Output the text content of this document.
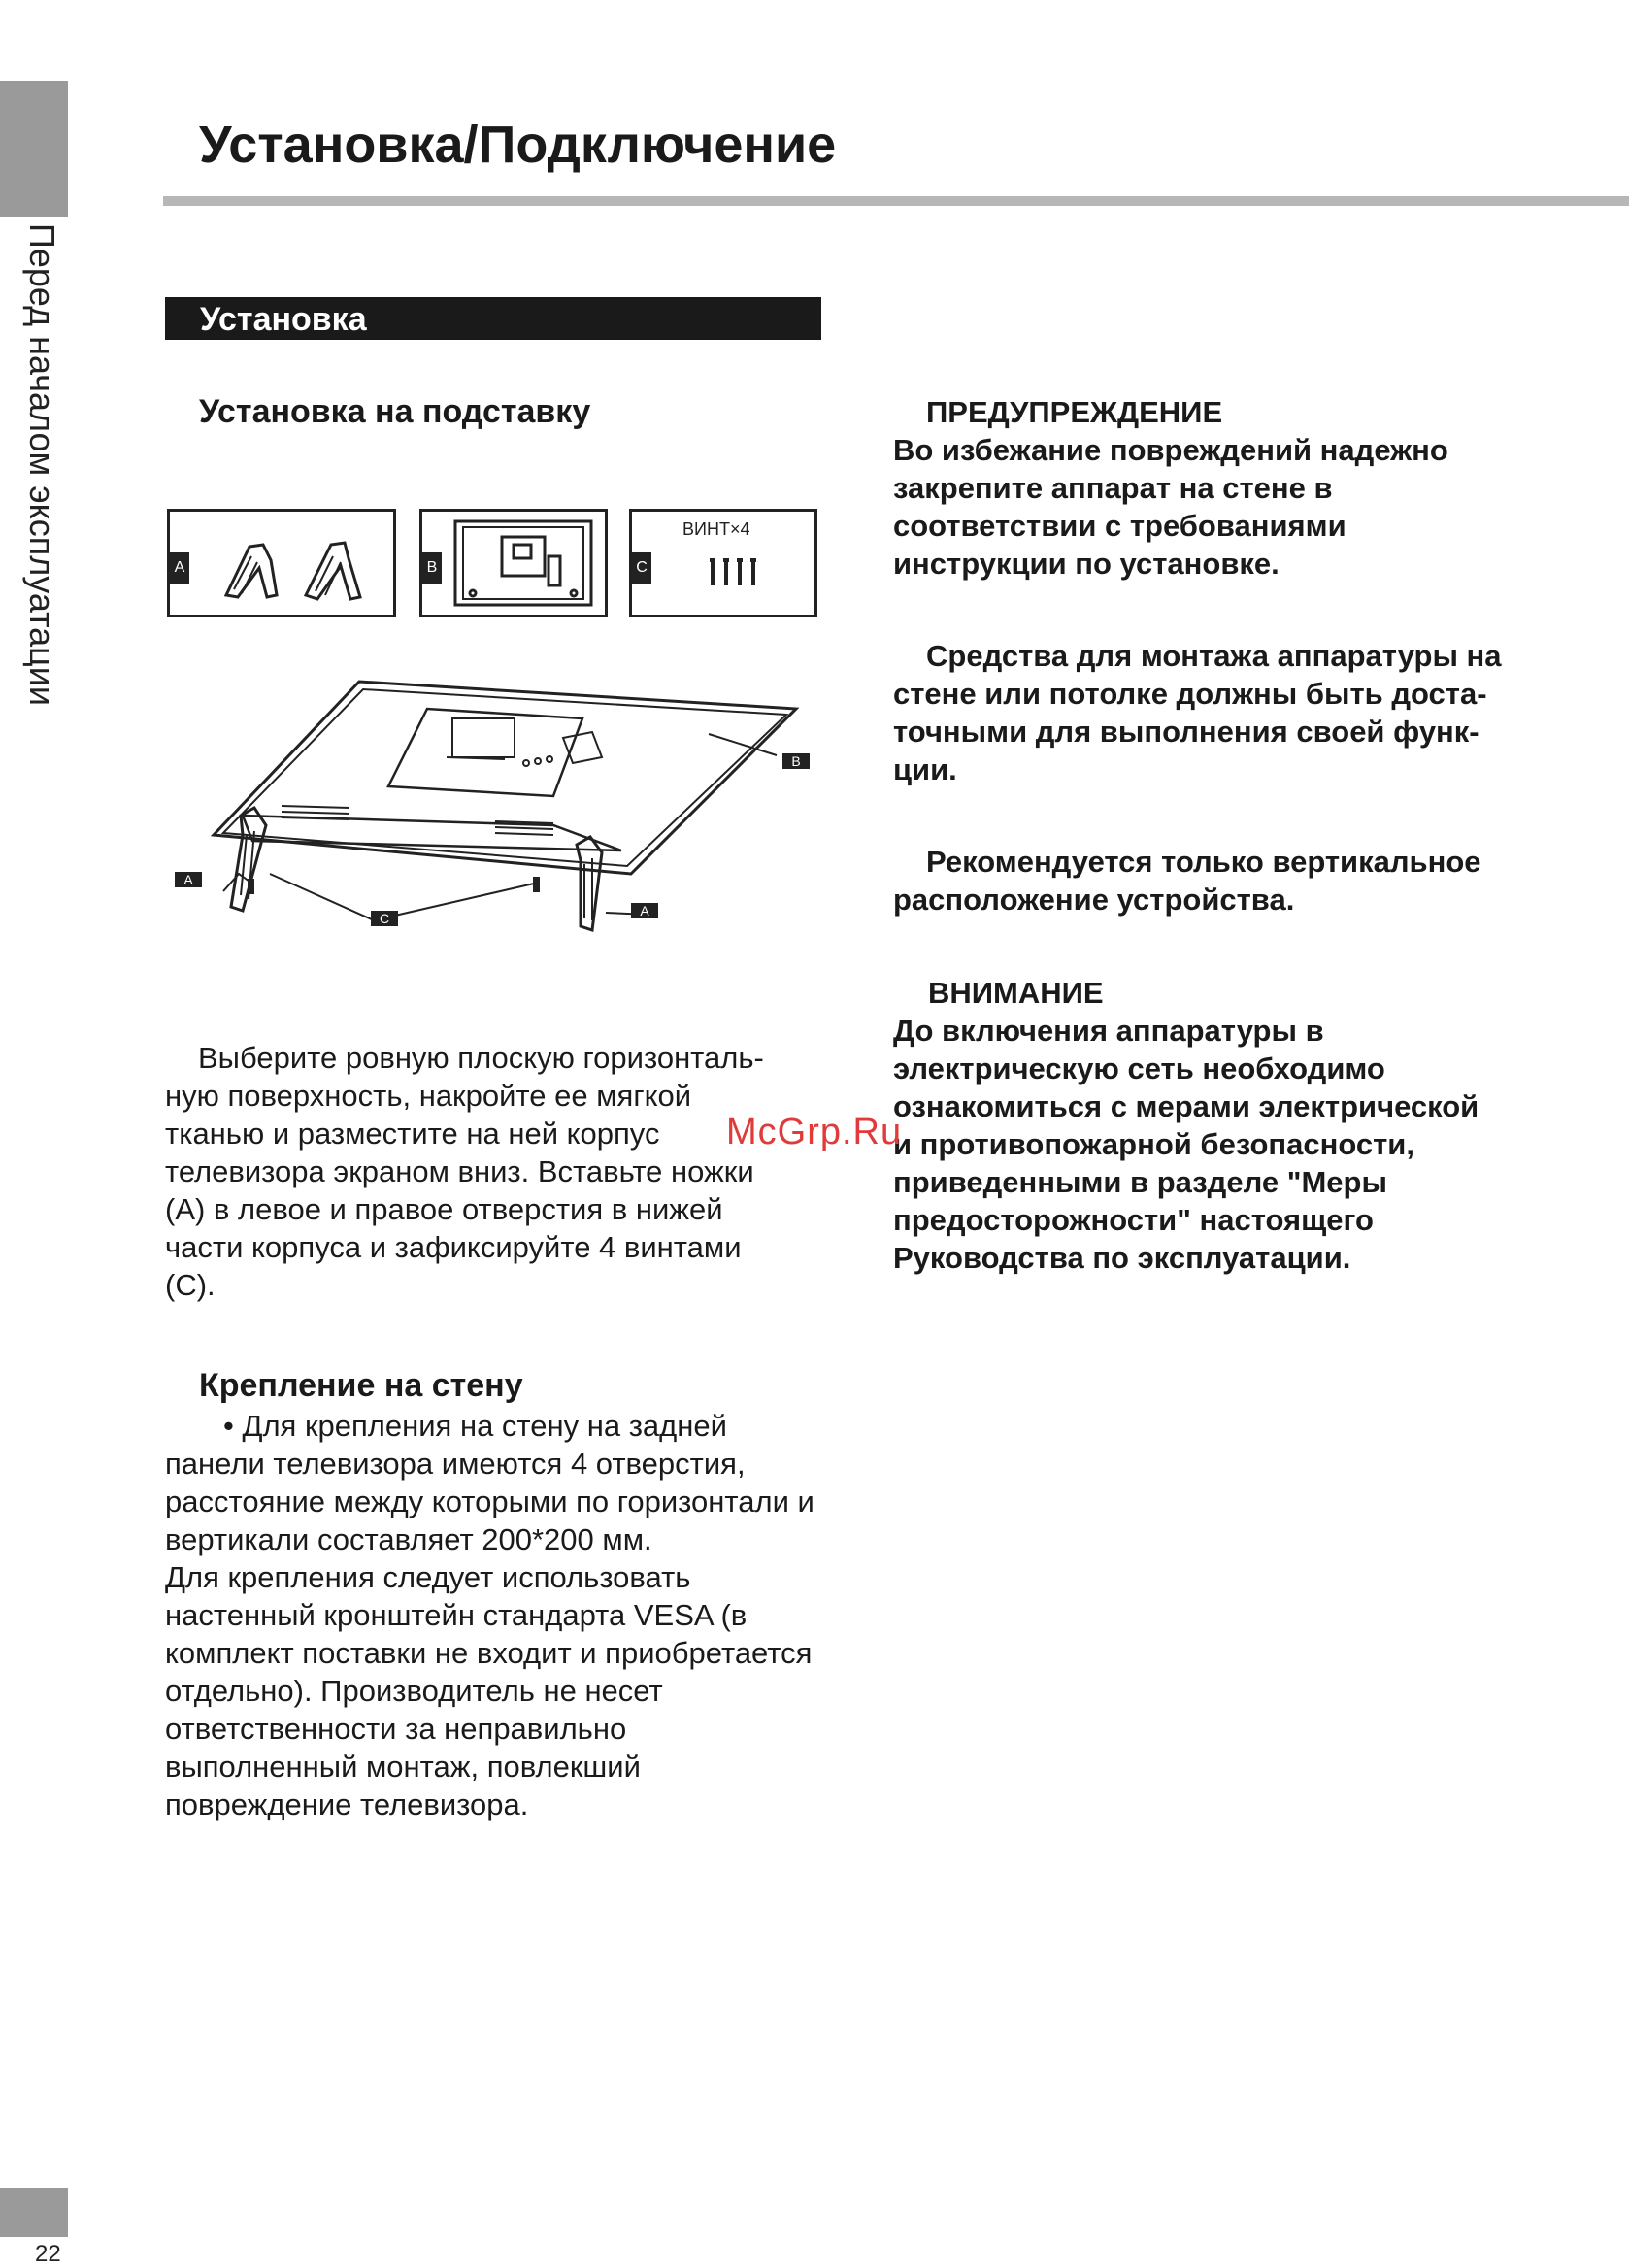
Перед началом эксплуатации
22
Установка/Подключение
Установка
Установка на подставку
A	B	C
ВИНТ×4
A
B
C	A
Выберите ровную плоскую горизонталь-
ную поверхность, накройте ее мягкой
тканью и разместите на ней корпус
телевизора экраном вниз. Вставьте ножки
(А) в левое и правое отверстия в нижей
части корпуса и зафиксируйте 4 винтами
(С).
Крепление на стену
• Для крепления на стену на задней
панели телевизора имеются 4 отверстия,
расстояние между которыми по горизонтали и
вертикали составляет 200*200 мм.
Для крепления следует использовать
настенный кронштейн стандарта VESA (в
комплект поставки не входит и приобретается
отдельно). Производитель не несет
ответственности за неправильно
выполненный монтаж, повлекший
повреждение телевизора.
ПРЕДУПРЕЖДЕНИЕ
Во избежание повреждений надежно
закрепите аппарат на стене в
соответствии с требованиями
инструкции по установке.
Средства для монтажа аппаратуры на
стене или потолке должны быть доста-
точными для выполнения своей функ-
ции.
Рекомендуется только вертикальное
расположение устройства.
ВНИМАНИЕ
До включения аппаратуры в
электрическую сеть необходимо
ознакомиться с мерами электрической
и противопожарной безопасности,
приведенными в разделе "Меры
предосторожности" настоящего
Руководства по эксплуатации.
McGrp.Ru
